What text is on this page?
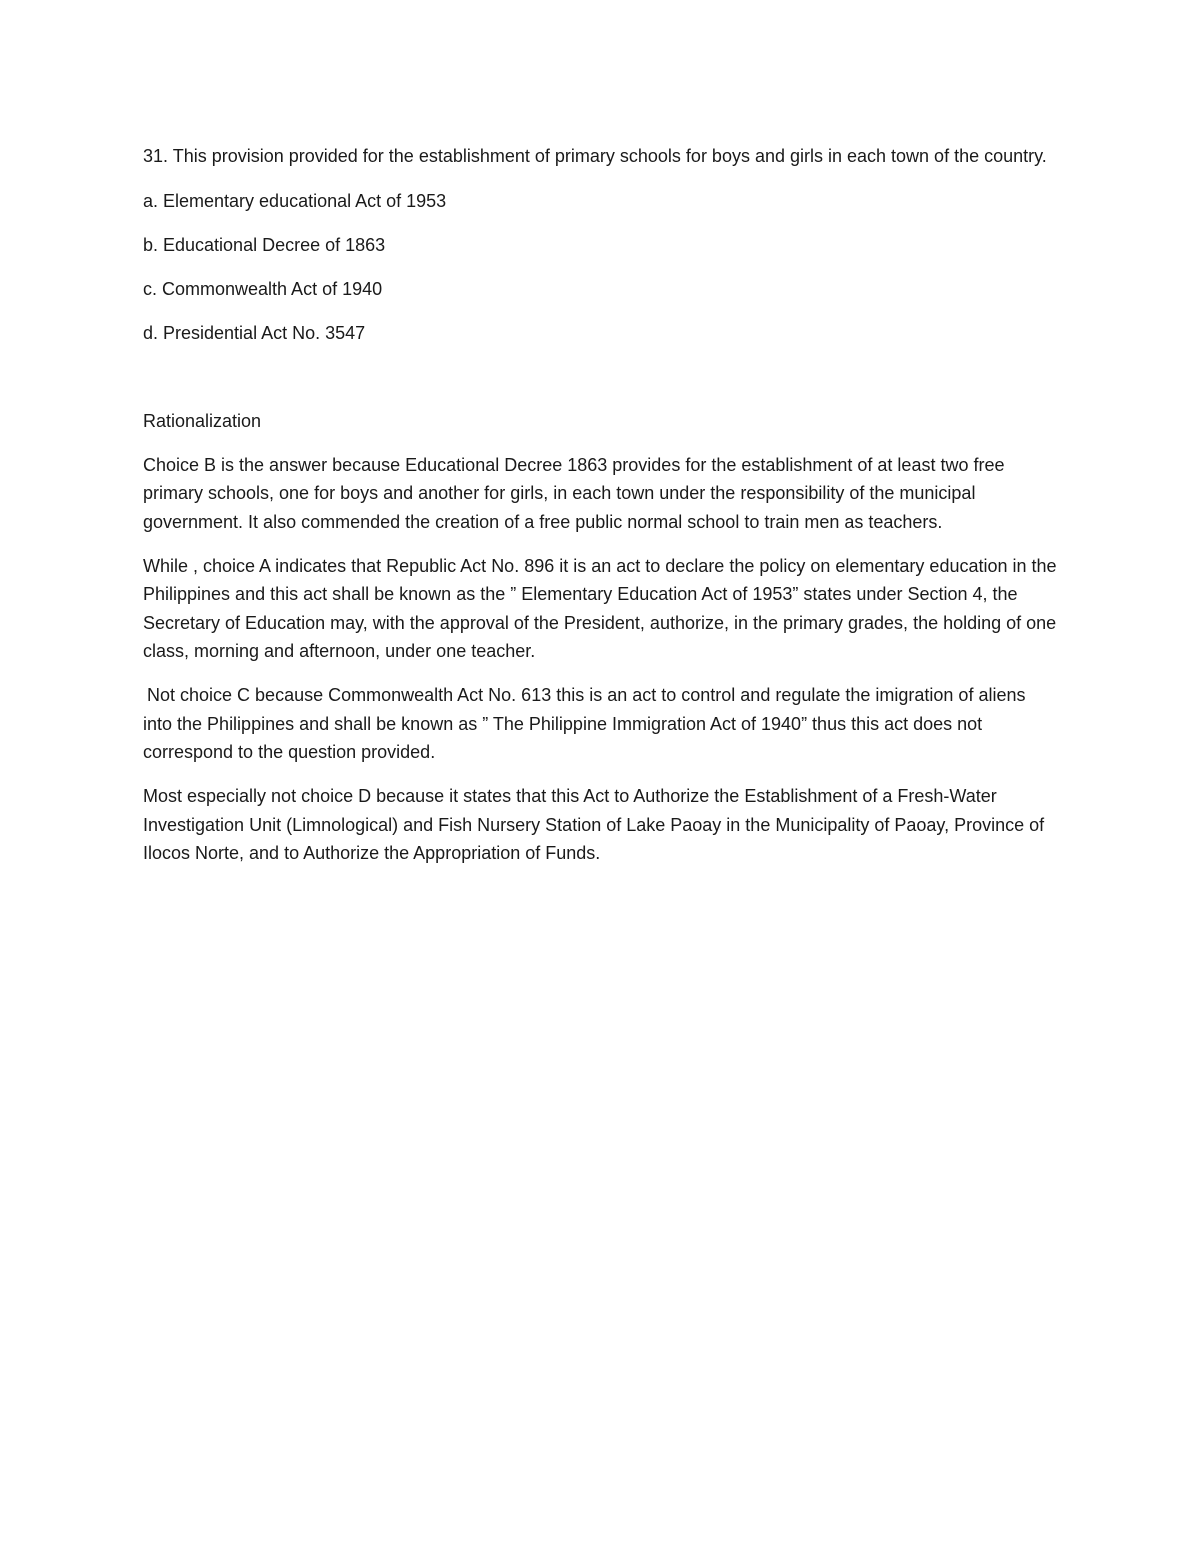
31. This provision provided for the establishment of primary schools for boys and girls in each town of the country.

a. Elementary educational Act of 1953

b. Educational Decree of 1863

c. Commonwealth Act of 1940

d. Presidential Act No. 3547

Rationalization

Choice B is the answer because Educational Decree 1863 provides for the establishment of at least two free primary schools, one for boys and another for girls, in each town under the responsibility of the municipal government. It also commended the creation of a free public normal school to train men as teachers.

While , choice A indicates that Republic Act No. 896 it is an act to declare the policy on elementary education in the Philippines and this act shall be known as the ” Elementary Education Act of 1953” states under Section 4, the Secretary of Education may, with the approval of the President, authorize, in the primary grades, the holding of one class, morning and afternoon, under one teacher.

Not choice C because Commonwealth Act No. 613 this is an act to control and regulate the imigration of aliens into the Philippines and shall be known as ” The Philippine Immigration Act of 1940” thus this act does not correspond to the question provided.

Most especially not choice D because it states that this Act to Authorize the Establishment of a Fresh-Water Investigation Unit (Limnological) and Fish Nursery Station of Lake Paoay in the Municipality of Paoay, Province of Ilocos Norte, and to Authorize the Appropriation of Funds.
